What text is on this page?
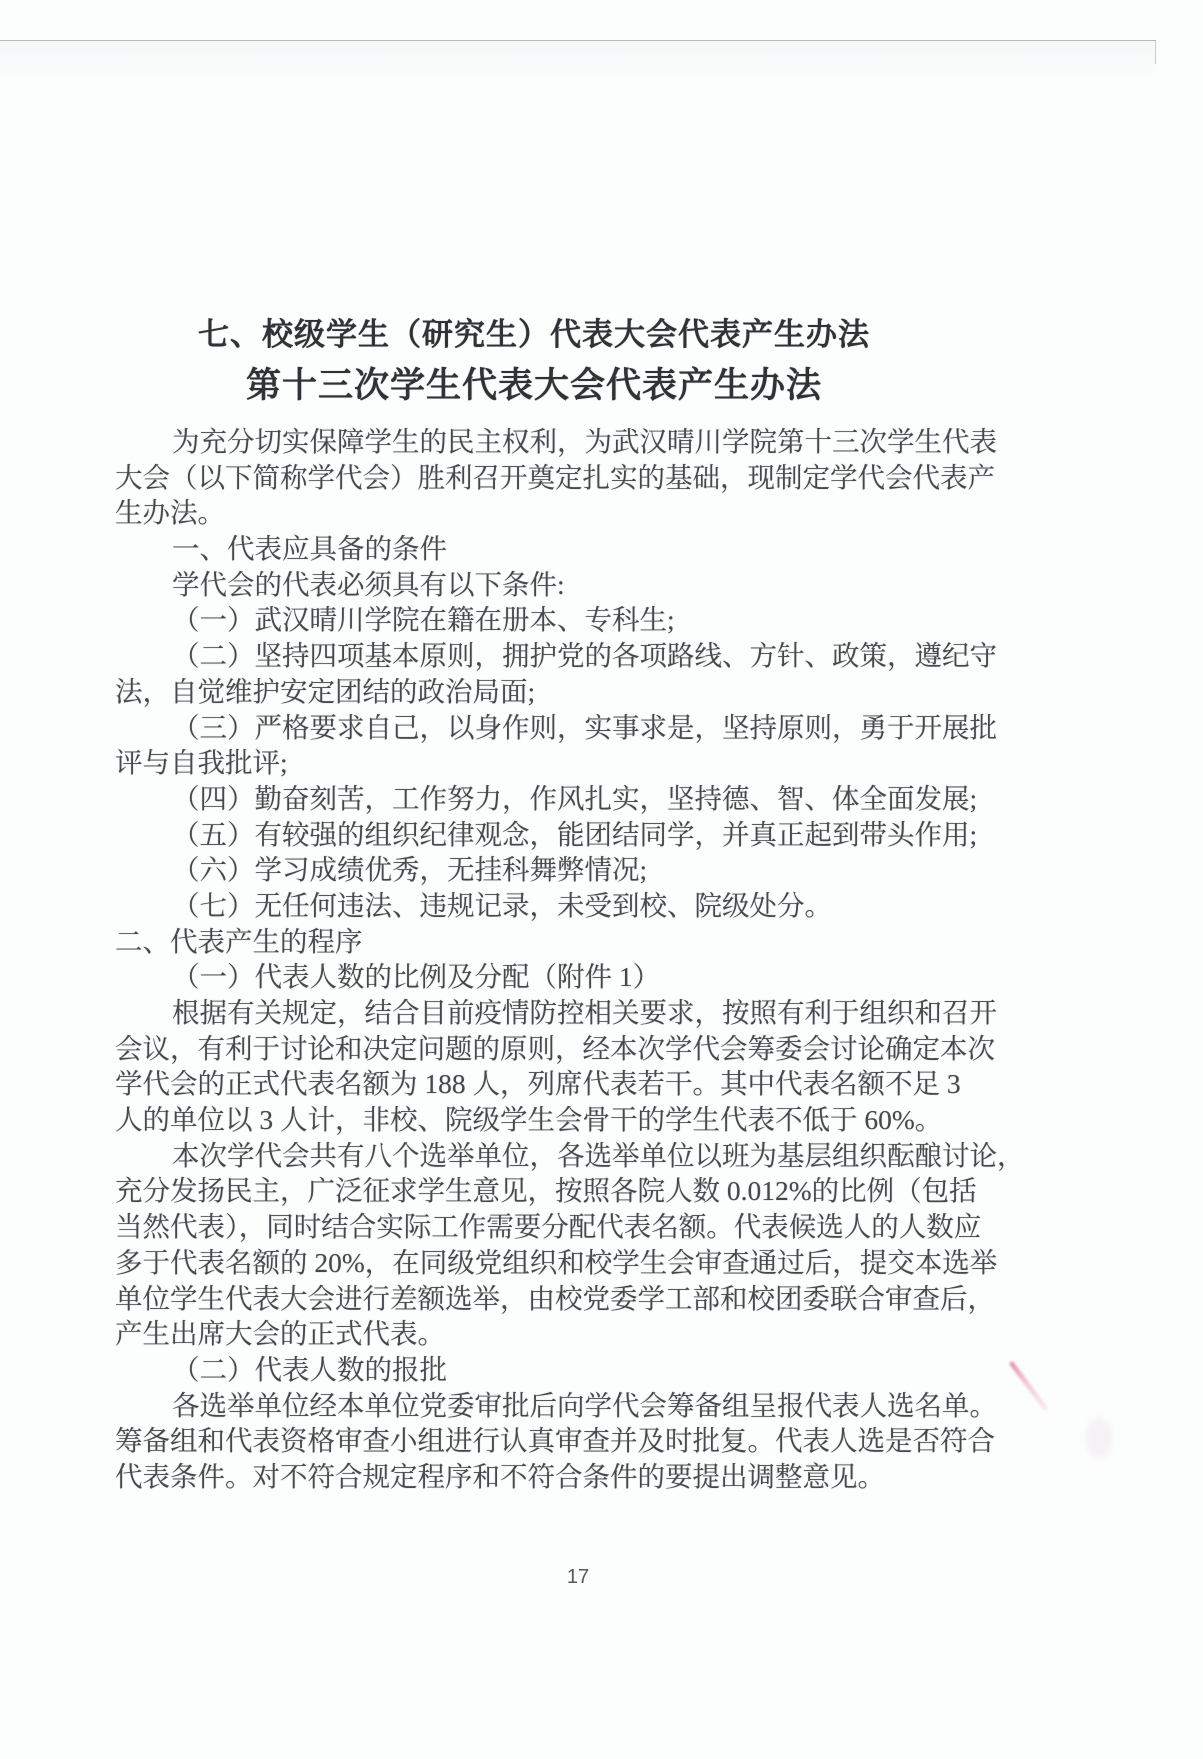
七、校级学生（研究生）代表大会代表产生办法
第十三次学生代表大会代表产生办法
为充分切实保障学生的民主权利，为武汉晴川学院第十三次学生代表
大会（以下简称学代会）胜利召开奠定扎实的基础，现制定学代会代表产
生办法。
一、代表应具备的条件
学代会的代表必须具有以下条件:
（一）武汉晴川学院在籍在册本、专科生;
（二）坚持四项基本原则，拥护党的各项路线、方针、政策，遵纪守
法，自觉维护安定团结的政治局面;
（三）严格要求自己，以身作则，实事求是，坚持原则，勇于开展批
评与自我批评;
（四）勤奋刻苦，工作努力，作风扎实，坚持德、智、体全面发展;
（五）有较强的组织纪律观念，能团结同学，并真正起到带头作用;
（六）学习成绩优秀，无挂科舞弊情况;
（七）无任何违法、违规记录，未受到校、院级处分。
二、代表产生的程序
（一）代表人数的比例及分配（附件 1）
根据有关规定，结合目前疫情防控相关要求，按照有利于组织和召开
会议，有利于讨论和决定问题的原则，经本次学代会筹委会讨论确定本次
学代会的正式代表名额为 188 人，列席代表若干。其中代表名额不足 3
人的单位以 3 人计，非校、院级学生会骨干的学生代表不低于 60%。
本次学代会共有八个选举单位，各选举单位以班为基层组织酝酿讨论，
充分发扬民主，广泛征求学生意见，按照各院人数 0.012%的比例（包括
当然代表），同时结合实际工作需要分配代表名额。代表候选人的人数应
多于代表名额的 20%，在同级党组织和校学生会审查通过后，提交本选举
单位学生代表大会进行差额选举，由校党委学工部和校团委联合审查后，
产生出席大会的正式代表。
（二）代表人数的报批
各选举单位经本单位党委审批后向学代会筹备组呈报代表人选名单。
筹备组和代表资格审查小组进行认真审查并及时批复。代表人选是否符合
代表条件。对不符合规定程序和不符合条件的要提出调整意见。
17
